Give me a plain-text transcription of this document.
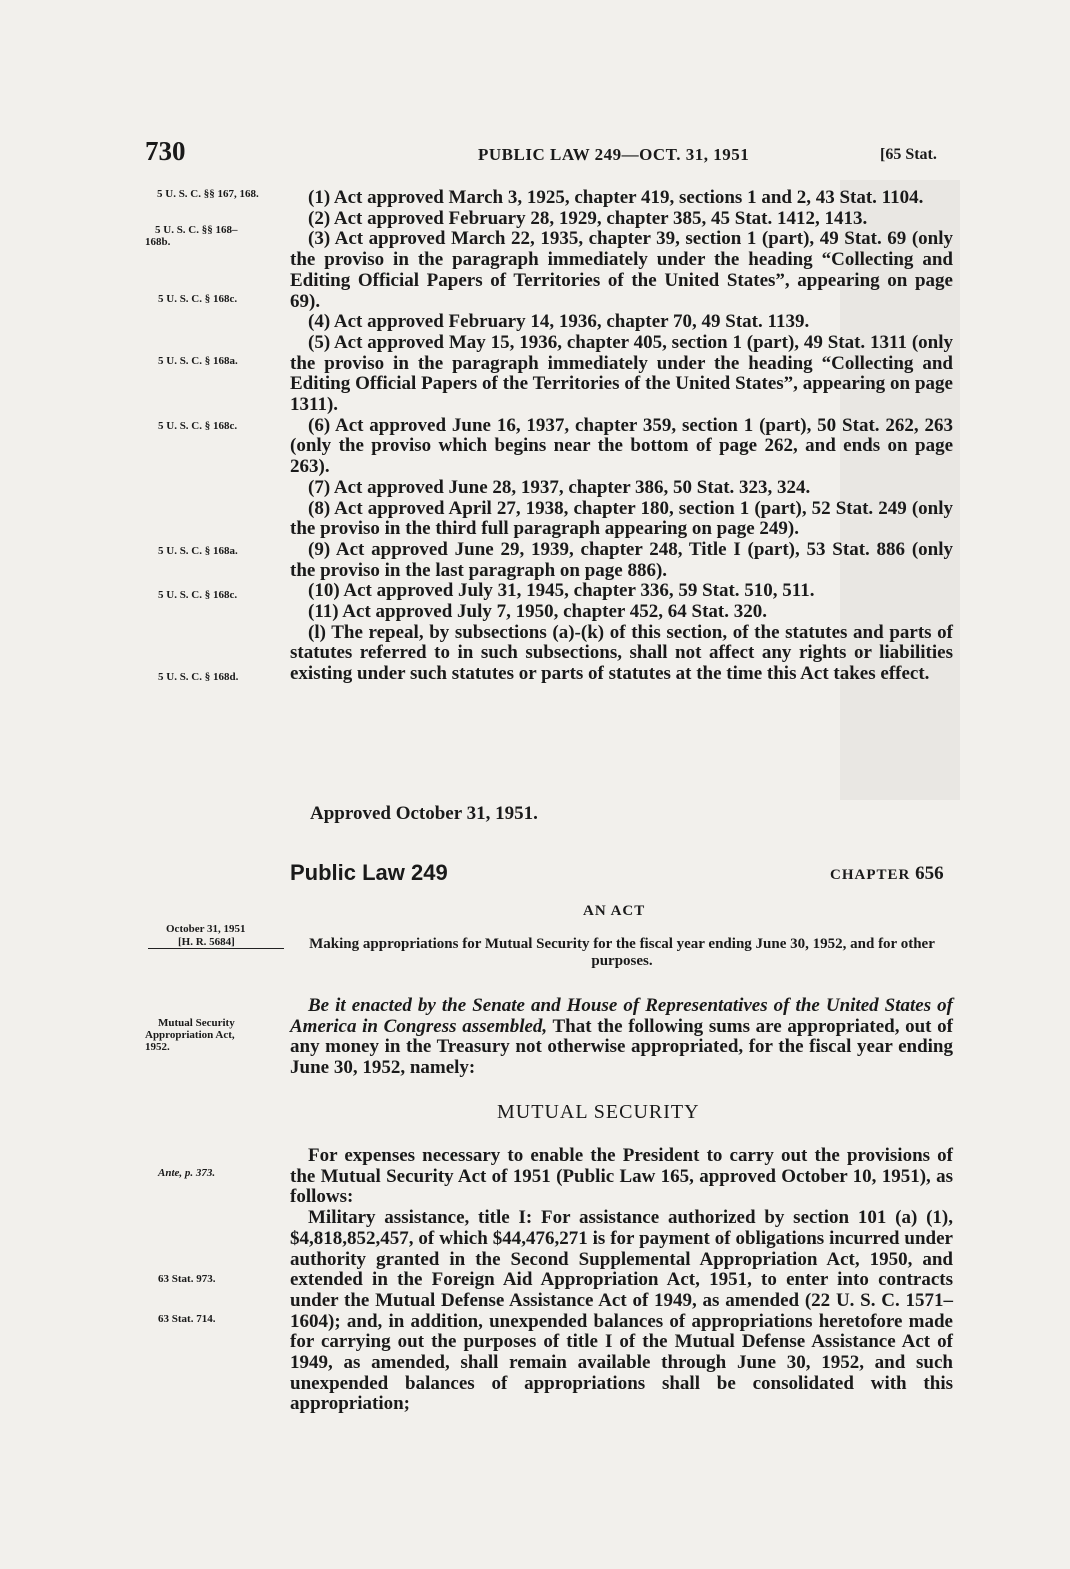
730	PUBLIC LAW 249—OCT. 31, 1951	[65 Stat.
5 U. S. C. §§ 167, 168.
5 U. S. C. §§ 168–
168b.
5 U. S. C. § 168c.
5 U. S. C. § 168a.
5 U. S. C. § 168c.
5 U. S. C. § 168a.
5 U. S. C. § 168c.
5 U. S. C. § 168d.
October 31, 1951
[H. R. 5684]
Mutual Security
Appropriation Act,
1952.
Ante, p. 373.
63 Stat. 973.
63 Stat. 714.

(1) Act approved March 3, 1925, chapter 419, sections 1 and 2, 43 Stat. 1104.

(2) Act approved February 28, 1929, chapter 385, 45 Stat. 1412, 1413.

(3) Act approved March 22, 1935, chapter 39, section 1 (part), 49 Stat. 69 (only the proviso in the paragraph immediately under the heading “Collecting and Editing Official Papers of Territories of the United States”, appearing on page 69).

(4) Act approved February 14, 1936, chapter 70, 49 Stat. 1139.

(5) Act approved May 15, 1936, chapter 405, section 1 (part), 49 Stat. 1311 (only the proviso in the paragraph immediately under the heading “Collecting and Editing Official Papers of the Territories of the United States”, appearing on page 1311).

(6) Act approved June 16, 1937, chapter 359, section 1 (part), 50 Stat. 262, 263 (only the proviso which begins near the bottom of page 262, and ends on page 263).

(7) Act approved June 28, 1937, chapter 386, 50 Stat. 323, 324.

(8) Act approved April 27, 1938, chapter 180, section 1 (part), 52 Stat. 249 (only the proviso in the third full paragraph appearing on page 249).

(9) Act approved June 29, 1939, chapter 248, Title I (part), 53 Stat. 886 (only the proviso in the last paragraph on page 886).

(10) Act approved July 31, 1945, chapter 336, 59 Stat. 510, 511.

(11) Act approved July 7, 1950, chapter 452, 64 Stat. 320.

(l) The repeal, by subsections (a)-(k) of this section, of the statutes and parts of statutes referred to in such subsections, shall not affect any rights or liabilities existing under such statutes or parts of statutes at the time this Act takes effect.

Approved October 31, 1951.
Public Law 249	CHAPTER 656
AN ACT
Making appropriations for Mutual Security for the fiscal year ending June 30, 1952, and for other purposes.
Be it enacted by the Senate and House of Representatives of the United States of America in Congress assembled, That the following sums are appropriated, out of any money in the Treasury not otherwise appropriated, for the fiscal year ending June 30, 1952, namely:
MUTUAL SECURITY

For expenses necessary to enable the President to carry out the provisions of the Mutual Security Act of 1951 (Public Law 165, approved October 10, 1951), as follows:

Military assistance, title I: For assistance authorized by section 101 (a) (1), $4,818,852,457, of which $44,476,271 is for payment of obligations incurred under authority granted in the Second Supplemental Appropriation Act, 1950, and extended in the Foreign Aid Appropriation Act, 1951, to enter into contracts under the Mutual Defense Assistance Act of 1949, as amended (22 U. S. C. 1571–1604); and, in addition, unexpended balances of appropriations heretofore made for carrying out the purposes of title I of the Mutual Defense Assistance Act of 1949, as amended, shall remain available through June 30, 1952, and such unexpended balances of appropriations shall be consolidated with this appropriation;
